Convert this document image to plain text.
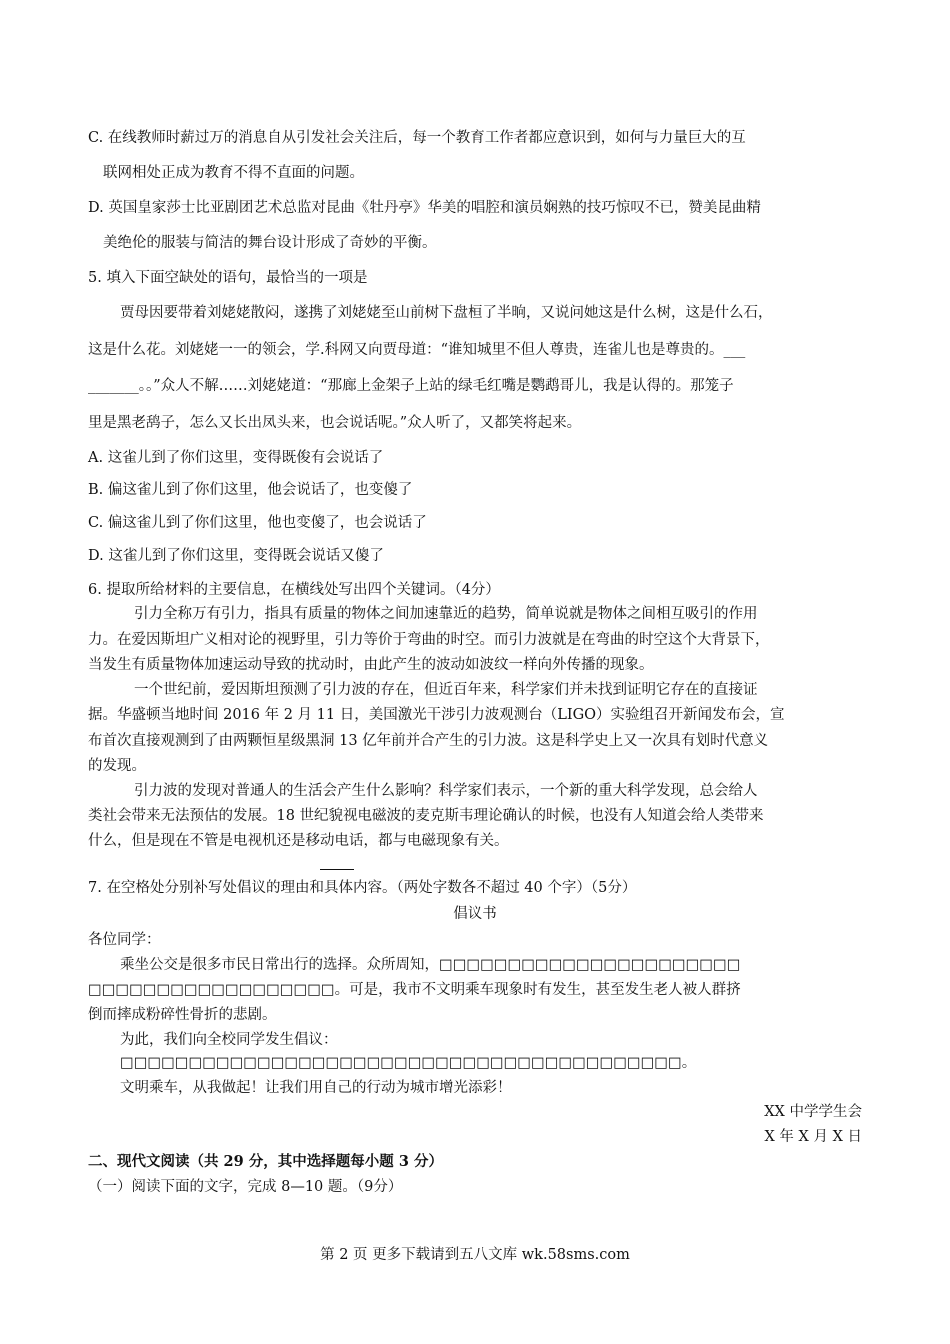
C. 在线教师时薪过万的消息自从引发社会关注后，每一个教育工作者都应意识到，如何与力量巨大的互
联网相处正成为教育不得不直面的问题。
D. 英国皇家莎士比亚剧团艺术总监对昆曲《牡丹亭》华美的唱腔和演员娴熟的技巧惊叹不已，赞美昆曲精
美绝伦的服装与简洁的舞台设计形成了奇妙的平衡。
5. 填入下面空缺处的语句，最恰当的一项是
贾母因要带着刘姥姥散闷，遂携了刘姥姥至山前树下盘桓了半晌，又说问她这是什么树，这是什么石，
这是什么花。刘姥姥一一的领会，学.科网又向贾母道：“谁知城里不但人尊贵，连雀儿也是尊贵的。___
_______。。”众人不解……刘姥姥道：“那廊上金架子上站的绿毛红嘴是鹦鹉哥儿，我是认得的。那笼子
里是黑老鸹子，怎么又长出凤头来，也会说话呢。”众人听了，又都笑将起来。
A. 这雀儿到了你们这里，变得既俊有会说话了
B. 偏这雀儿到了你们这里，他会说话了，也变傻了
C. 偏这雀儿到了你们这里，他也变傻了，也会说话了
D. 这雀儿到了你们这里，变得既会说话又傻了
6. 提取所给材料的主要信息，在横线处写出四个关键词。（4分）
引力全称万有引力，指具有质量的物体之间加速靠近的趋势，简单说就是物体之间相互吸引的作用
力。在爱因斯坦广义相对论的视野里，引力等价于弯曲的时空。而引力波就是在弯曲的时空这个大背景下，
当发生有质量物体加速运动导致的扰动时，由此产生的波动如波纹一样向外传播的现象。
一个世纪前，爱因斯坦预测了引力波的存在，但近百年来，科学家们并未找到证明它存在的直接证
据。华盛顿当地时间 2016 年 2 月 11 日，美国激光干涉引力波观测台（LIGO）实验组召开新闻发布会，宣
布首次直接观测到了由两颗恒星级黑洞 13 亿年前并合产生的引力波。这是科学史上又一次具有划时代意义
的发现。
引力波的发现对普通人的生活会产生什么影响？科学家们表示，一个新的重大科学发现，总会给人
类社会带来无法预估的发展。18 世纪貌视电磁波的麦克斯韦理论确认的时候，也没有人知道会给人类带来
什么，但是现在不管是电视机还是移动电话，都与电磁现象有关。
7. 在空格处分别补写处倡议的理由和具体内容。（两处字数各不超过 40 个字）（5分）
倡议书
各位同学：
乘坐公交是很多市民日常出行的选择。众所周知，□□□□□□□□□□□□□□□□□□□□□□
□□□□□□□□□□□□□□□□□□。可是，我市不文明乘车现象时有发生，甚至发生老人被人群挤
倒而摔成粉碎性骨折的悲剧。
为此，我们向全校同学发生倡议：
□□□□□□□□□□□□□□□□□□□□□□□□□□□□□□□□□□□□□□□□□。
文明乘车，从我做起！让我们用自己的行动为城市增光添彩！
XX 中学学生会
X 年 X 月 X 日
二、现代文阅读（共 29 分，其中选择题每小题 3 分）
（一）阅读下面的文字，完成 8—10 题。（9分）
第 2 页 更多下载请到五八文库 wk.58sms.com
